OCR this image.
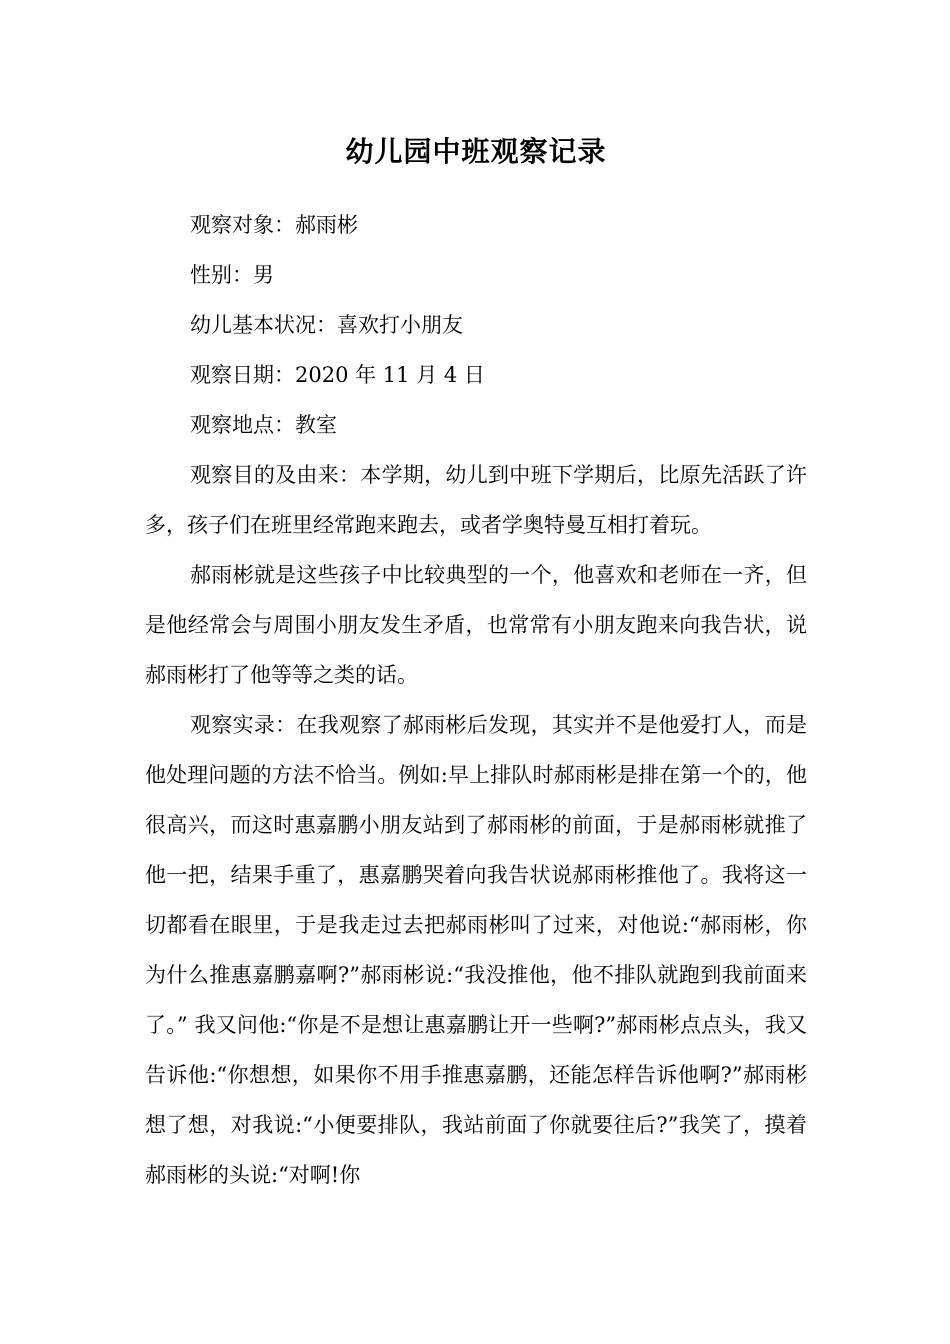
幼儿园中班观察记录
观察对象：郝雨彬
性别：男
幼儿基本状况：喜欢打小朋友
观察日期：2020 年 11 月 4 日
观察地点：教室

观察目的及由来：本学期，幼儿到中班下学期后，比原先活跃了许多，孩子们在班里经常跑来跑去，或者学奥特曼互相打着玩。

郝雨彬就是这些孩子中比较典型的一个，他喜欢和老师在一齐，但是他经常会与周围小朋友发生矛盾，也常常有小朋友跑来向我告状，说郝雨彬打了他等等之类的话。

观察实录：在我观察了郝雨彬后发现，其实并不是他爱打人，而是他处理问题的方法不恰当。例如:早上排队时郝雨彬是排在第一个的，他很高兴，而这时惠嘉鹏小朋友站到了郝雨彬的前面，于是郝雨彬就推了他一把，结果手重了，惠嘉鹏哭着向我告状说郝雨彬推他了。我将这一切都看在眼里，于是我走过去把郝雨彬叫了过来，对他说:“郝雨彬，你为什么推惠嘉鹏嘉啊?”郝雨彬说:“我没推他，他不排队就跑到我前面来了。” 我又问他:“你是不是想让惠嘉鹏让开一些啊?”郝雨彬点点头，我又告诉他:“你想想，如果你不用手推惠嘉鹏，还能怎样告诉他啊?”郝雨彬想了想，对我说:“小便要排队，我站前面了你就要往后?”我笑了，摸着郝雨彬的头说:“对啊!你
